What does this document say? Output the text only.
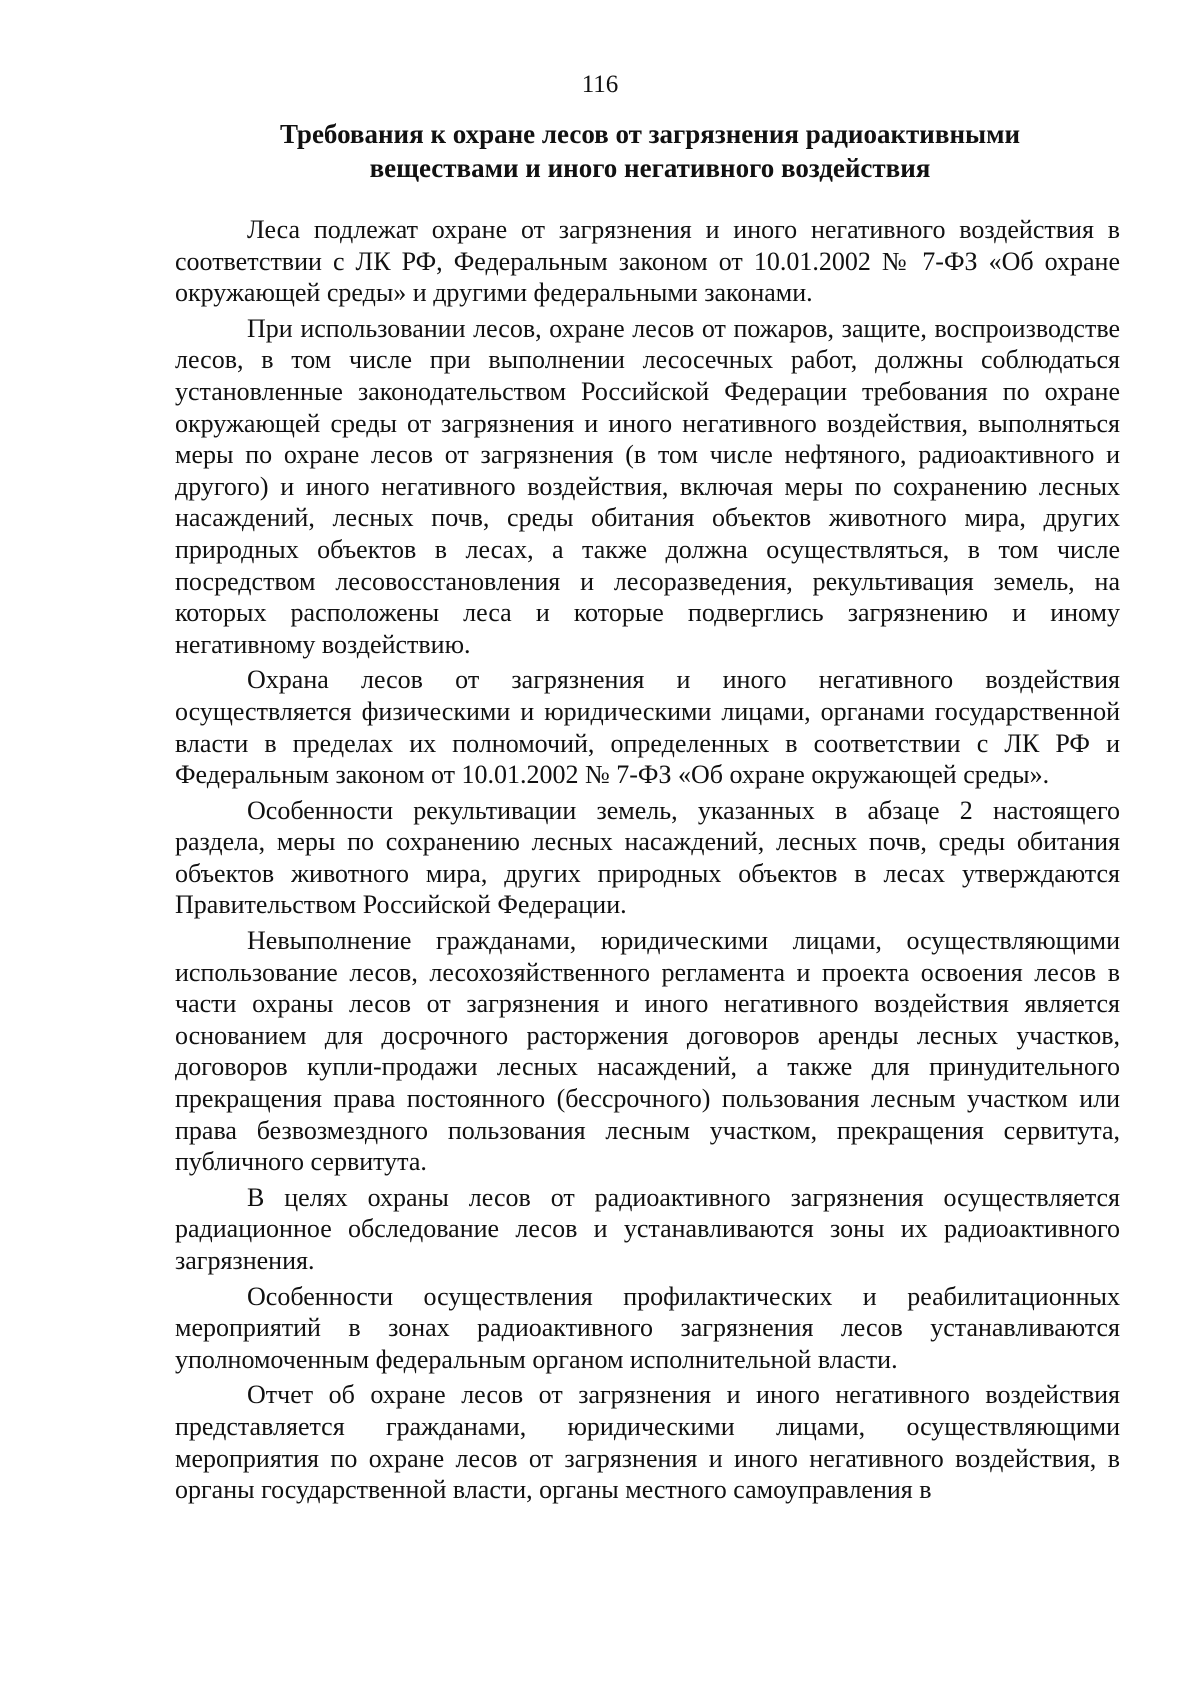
116
Требования к охране лесов от загрязнения радиоактивными
веществами и иного негативного воздействия

Леса подлежат охране от загрязнения и иного негативного воздействия в соответствии с ЛК РФ, Федеральным законом от 10.01.2002 № 7-ФЗ «Об охране окружающей среды» и другими федеральными законами.

При использовании лесов, охране лесов от пожаров, защите, воспроизводстве лесов, в том числе при выполнении лесосечных работ, должны соблюдаться установленные законодательством Российской Федерации требования по охране окружающей среды от загрязнения и иного негативного воздействия, выполняться меры по охране лесов от загрязнения (в том числе нефтяного, радиоактивного и другого) и иного негативного воздействия, включая меры по сохранению лесных насаждений, лесных почв, среды обитания объектов животного мира, других природных объектов в лесах, а также должна осуществляться, в том числе посредством лесовосстановления и лесоразведения, рекультивация земель, на которых расположены леса и которые подверглись загрязнению и иному негативному воздействию.

Охрана лесов от загрязнения и иного негативного воздействия осуществляется физическими и юридическими лицами, органами государственной власти в пределах их полномочий, определенных в соответствии с ЛК РФ и Федеральным законом от 10.01.2002 № 7-ФЗ «Об охране окружающей среды».

Особенности рекультивации земель, указанных в абзаце 2 настоящего раздела, меры по сохранению лесных насаждений, лесных почв, среды обитания объектов животного мира, других природных объектов в лесах утверждаются Правительством Российской Федерации.

Невыполнение гражданами, юридическими лицами, осуществляющими использование лесов, лесохозяйственного регламента и проекта освоения лесов в части охраны лесов от загрязнения и иного негативного воздействия является основанием для досрочного расторжения договоров аренды лесных участков, договоров купли-продажи лесных насаждений, а также для принудительного прекращения права постоянного (бессрочного) пользования лесным участком или права безвозмездного пользования лесным участком, прекращения сервитута, публичного сервитута.

В целях охраны лесов от радиоактивного загрязнения осуществляется радиационное обследование лесов и устанавливаются зоны их радиоактивного загрязнения.

Особенности осуществления профилактических и реабилитационных мероприятий в зонах радиоактивного загрязнения лесов устанавливаются уполномоченным федеральным органом исполнительной власти.

Отчет об охране лесов от загрязнения и иного негативного воздействия представляется гражданами, юридическими лицами, осуществляющими мероприятия по охране лесов от загрязнения и иного негативного воздействия, в органы государственной власти, органы местного самоуправления в
